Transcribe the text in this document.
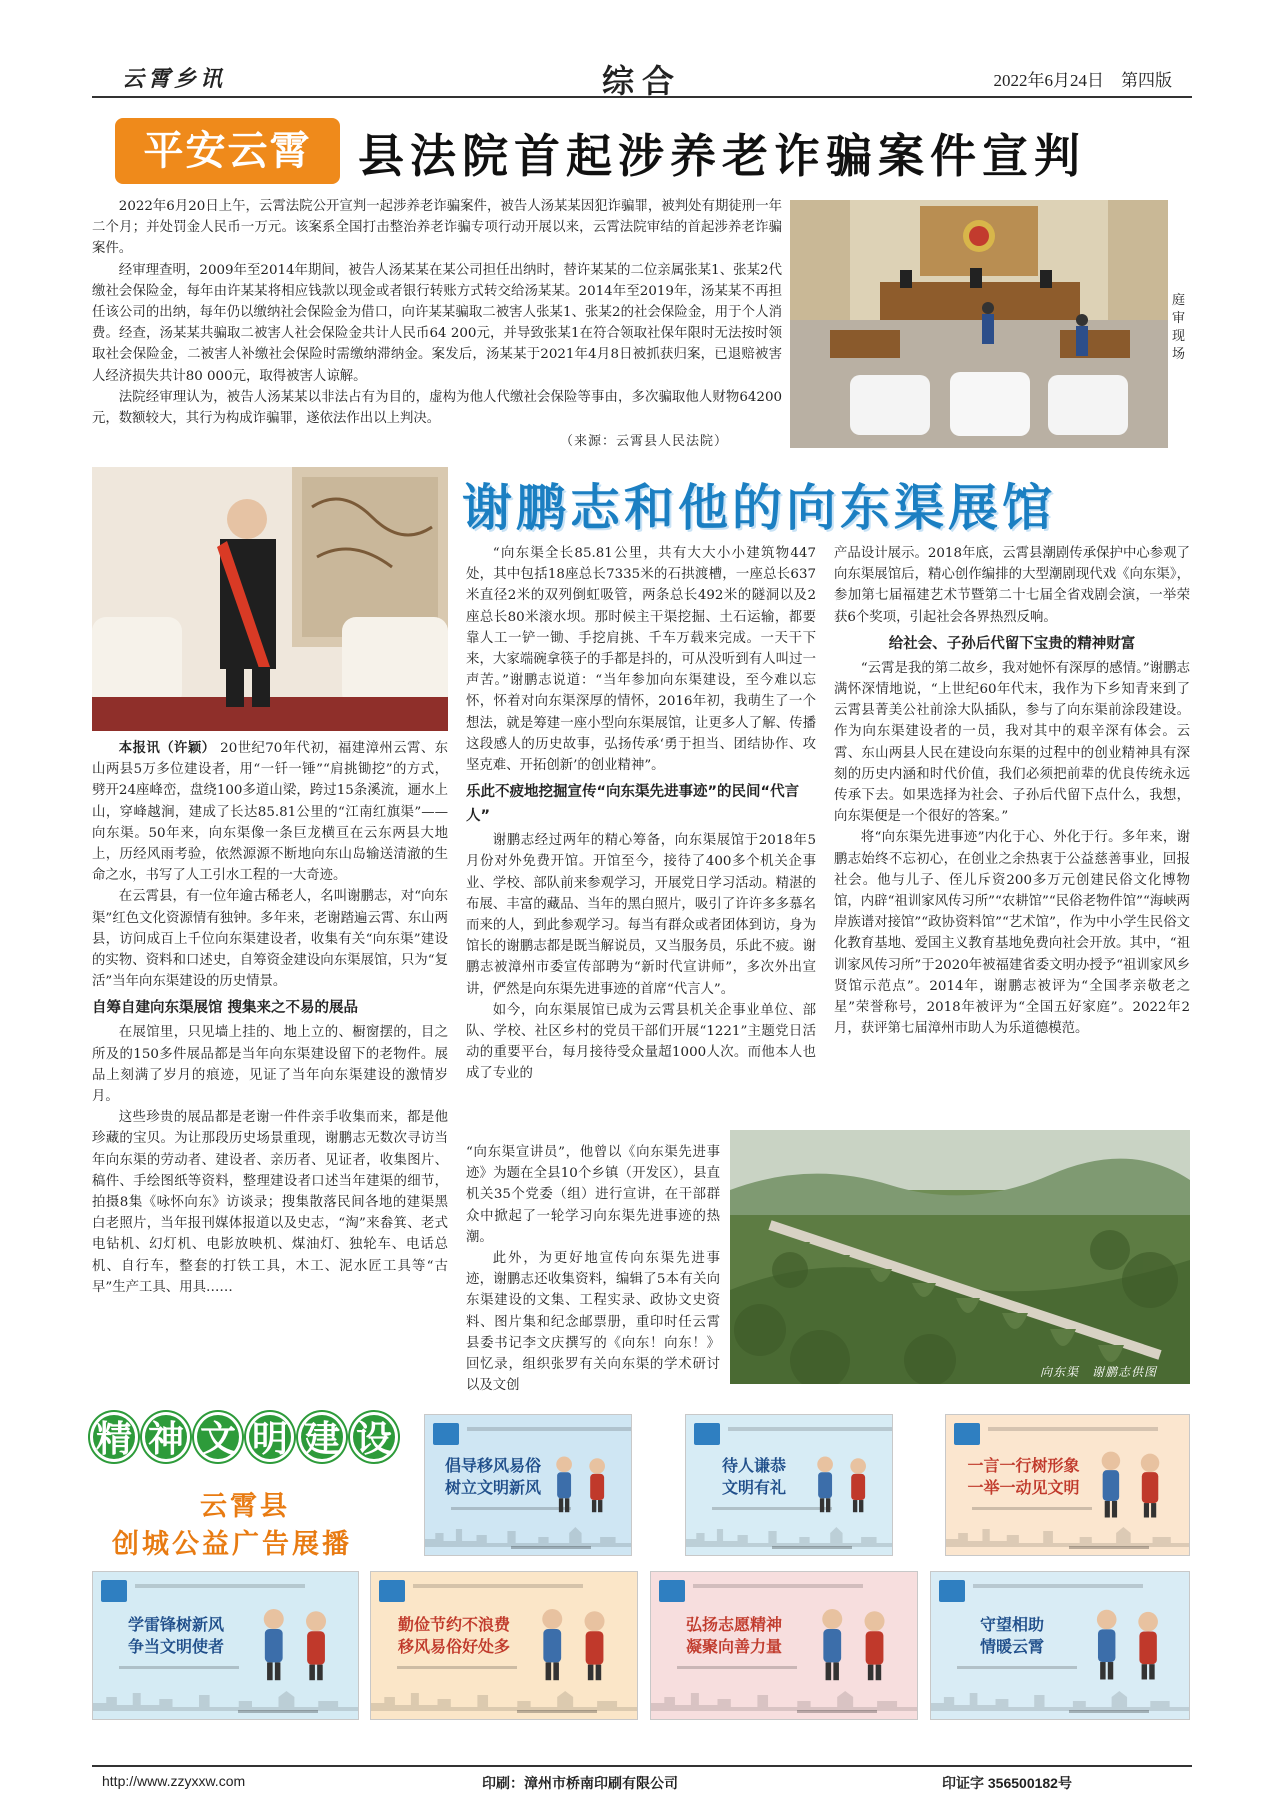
云霄乡讯	综合	2022年6月24日　第四版
平安云霄	县法院首起涉养老诈骗案件宣判

2022年6月20日上午，云霄法院公开宣判一起涉养老诈骗案件，被告人汤某某因犯诈骗罪，被判处有期徒刑一年二个月；并处罚金人民币一万元。该案系全国打击整治养老诈骗专项行动开展以来，云霄法院审结的首起涉养老诈骗案件。

经审理查明，2009年至2014年期间，被告人汤某某在某公司担任出纳时，替许某某的二位亲属张某1、张某2代缴社会保险金，每年由许某某将相应钱款以现金或者银行转账方式转交给汤某某。2014年至2019年，汤某某不再担任该公司的出纳，每年仍以缴纳社会保险金为借口，向许某某骗取二被害人张某1、张某2的社会保险金，用于个人消费。经查，汤某某共骗取二被害人社会保险金共计人民币64 200元，并导致张某1在符合领取社保年限时无法按时领取社会保险金，二被害人补缴社会保险时需缴纳滞纳金。案发后，汤某某于2021年4月8日被抓获归案，已退赔被害人经济损失共计80 000元，取得被害人谅解。

法院经审理认为，被告人汤某某以非法占有为目的，虚构为他人代缴社会保险等事由，多次骗取他人财物64200元，数额较大，其行为构成诈骗罪，遂依法作出以上判决。

（来源：云霄县人民法院）
庭审现场
谢鹏志和他的向东渠展馆

本报讯（许颖） 20世纪70年代初，福建漳州云霄、东山两县5万多位建设者，用“一钎一锤”“肩挑锄挖”的方式，劈开24座峰峦，盘绕100多道山梁，跨过15条溪流，逦水上山，穿峰越涧，建成了长达85.81公里的“江南红旗渠”——向东渠。50年来，向东渠像一条巨龙横亘在云东两县大地上，历经风雨考验，依然源源不断地向东山岛输送清澈的生命之水，书写了人工引水工程的一大奇迹。

在云霄县，有一位年逾古稀老人，名叫谢鹏志，对“向东渠”红色文化资源情有独钟。多年来，老谢踏遍云霄、东山两县，访问成百上千位向东渠建设者，收集有关“向东渠”建设的实物、资料和口述史，自筹资金建设向东渠展馆，只为“复活”当年向东渠建设的历史情景。

自筹自建向东渠展馆 搜集来之不易的展品

在展馆里，只见墙上挂的、地上立的、橱窗摆的，目之所及的150多件展品都是当年向东渠建设留下的老物件。展品上刻满了岁月的痕迹，见证了当年向东渠建设的激情岁月。

这些珍贵的展品都是老谢一件件亲手收集而来，都是他珍藏的宝贝。为让那段历史场景重现，谢鹏志无数次寻访当年向东渠的劳动者、建设者、亲历者、见证者，收集图片、稿件、手绘图纸等资料，整理建设者口述当年建渠的细节，拍摄8集《咏怀向东》访谈录；搜集散落民间各地的建渠黑白老照片，当年报刊媒体报道以及史志，“淘”来畚箕、老式电钻机、幻灯机、电影放映机、煤油灯、独轮车、电话总机、自行车，整套的打铁工具，木工、泥水匠工具等“古早”生产工具、用具……

“向东渠全长85.81公里，共有大大小小建筑物447处，其中包括18座总长7335米的石拱渡槽，一座总长637米直径2米的双列倒虹吸管，两条总长492米的隧洞以及2座总长80米滚水坝。那时候主干渠挖掘、土石运输，都要靠人工一铲一锄、手挖肩挑、千车万载来完成。一天干下来，大家端碗拿筷子的手都是抖的，可从没听到有人叫过一声苦。”谢鹏志说道：“当年参加向东渠建设，至今难以忘怀，怀着对向东渠深厚的情怀，2016年初，我萌生了一个想法，就是筹建一座小型向东渠展馆，让更多人了解、传播这段感人的历史故事，弘扬传承‘勇于担当、团结协作、攻坚克难、开拓创新’的创业精神”。

乐此不疲地挖掘宣传“向东渠先进事迹”的民间“代言人”

谢鹏志经过两年的精心筹备，向东渠展馆于2018年5月份对外免费开馆。开馆至今，接待了400多个机关企事业、学校、部队前来参观学习，开展党日学习活动。精湛的布展、丰富的藏品、当年的黑白照片，吸引了许许多多慕名而来的人，到此参观学习。每当有群众或者团体到访，身为馆长的谢鹏志都是既当解说员，又当服务员，乐此不疲。谢鹏志被漳州市委宣传部聘为“新时代宣讲师”，多次外出宣讲，俨然是向东渠先进事迹的首席“代言人”。

如今，向东渠展馆已成为云霄县机关企事业单位、部队、学校、社区乡村的党员干部们开展“1221”主题党日活动的重要平台，每月接待受众量超1000人次。而他本人也成了专业的

“向东渠宣讲员”，他曾以《向东渠先进事迹》为题在全县10个乡镇（开发区），县直机关35个党委（组）进行宣讲，在干部群众中掀起了一轮学习向东渠先进事迹的热潮。

此外，为更好地宣传向东渠先进事迹，谢鹏志还收集资料，编辑了5本有关向东渠建设的文集、工程实录、政协文史资料、图片集和纪念邮票册，重印时任云霄县委书记李文庆撰写的《向东！向东！》回忆录，组织张罗有关向东渠的学术研讨以及文创

产品设计展示。2018年底，云霄县潮剧传承保护中心参观了向东渠展馆后，精心创作编排的大型潮剧现代戏《向东渠》，参加第七届福建艺术节暨第二十七届全省戏剧会演，一举荣获6个奖项，引起社会各界热烈反响。

给社会、子孙后代留下宝贵的精神财富

“云霄是我的第二故乡，我对她怀有深厚的感情。”谢鹏志满怀深情地说，“上世纪60年代末，我作为下乡知青来到了云霄县菁美公社前涂大队插队，参与了向东渠前涂段建设。作为向东渠建设者的一员，我对其中的艰辛深有体会。云霄、东山两县人民在建设向东渠的过程中的创业精神具有深刻的历史内涵和时代价值，我们必须把前辈的优良传统永远传承下去。如果选择为社会、子孙后代留下点什么，我想，向东渠便是一个很好的答案。”

将“向东渠先进事迹”内化于心、外化于行。多年来，谢鹏志始终不忘初心，在创业之余热衷于公益慈善事业，回报社会。他与儿子、侄儿斥资200多万元创建民俗文化博物馆，内辟“祖训家风传习所”“农耕馆”“民俗老物件馆”“海峡两岸族谱对接馆”“政协资料馆”“艺术馆”，作为中小学生民俗文化教育基地、爱国主义教育基地免费向社会开放。其中，“祖训家风传习所”于2020年被福建省委文明办授予“祖训家风乡贤馆示范点”。2014年，谢鹏志被评为“全国孝亲敬老之星”荣誉称号，2018年被评为“全国五好家庭”。2022年2月，获评第七届漳州市助人为乐道德模范。

向东渠　谢鹏志供图
精 神 文 明 建 设
云霄县
创城公益广告展播
倡导移风易俗
树立文明新风
待人谦恭
文明有礼
一言一行树形象
一举一动见文明
学雷锋树新风
争当文明使者
勤俭节约不浪费
移风易俗好处多
弘扬志愿精神
凝聚向善力量
守望相助
情暖云霄
http://www.zzyxxw.com	印刷：漳州市桥南印刷有限公司	印证字 356500182号
